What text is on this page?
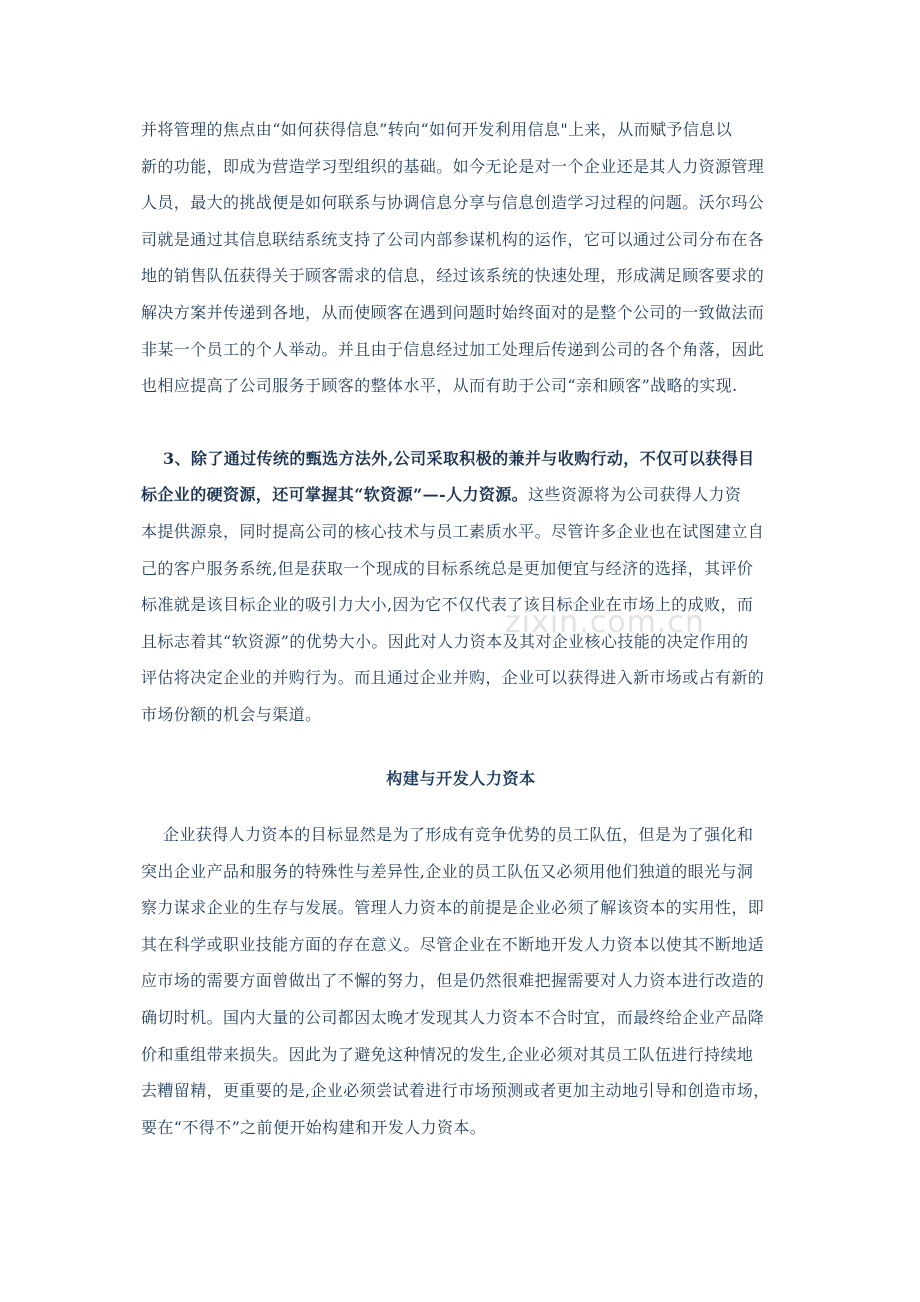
并将管理的焦点由“如何获得信息”转向“如何开发利用信息"上来，从而赋予信息以
新的功能，即成为营造学习型组织的基础。如今无论是对一个企业还是其人力资源管理
人员，最大的挑战便是如何联系与协调信息分享与信息创造学习过程的问题。沃尔玛公
司就是通过其信息联结系统支持了公司内部参谋机构的运作，它可以通过公司分布在各
地的销售队伍获得关于顾客需求的信息，经过该系统的快速处理，形成满足顾客要求的
解决方案并传递到各地，从而使顾客在遇到问题时始终面对的是整个公司的一致做法而
非某一个员工的个人举动。并且由于信息经过加工处理后传递到公司的各个角落，因此
也相应提高了公司服务于顾客的整体水平，从而有助于公司“亲和顾客”战略的实现.
3、除了通过传统的甄选方法外,公司采取积极的兼并与收购行动，不仅可以获得目
标企业的硬资源，还可掌握其“软资源”—-人力资源。这些资源将为公司获得人力资
本提供源泉，同时提高公司的核心技术与员工素质水平。尽管许多企业也在试图建立自
己的客户服务系统,但是获取一个现成的目标系统总是更加便宜与经济的选择，其评价
标准就是该目标企业的吸引力大小,因为它不仅代表了该目标企业在市场上的成败，而
且标志着其“软资源”的优势大小。因此对人力资本及其对企业核心技能的决定作用的
评估将决定企业的并购行为。而且通过企业并购，企业可以获得进入新市场或占有新的
市场份额的机会与渠道。
构建与开发人力资本
企业获得人力资本的目标显然是为了形成有竞争优势的员工队伍，但是为了强化和
突出企业产品和服务的特殊性与差异性,企业的员工队伍又必须用他们独道的眼光与洞
察力谋求企业的生存与发展。管理人力资本的前提是企业必须了解该资本的实用性，即
其在科学或职业技能方面的存在意义。尽管企业在不断地开发人力资本以使其不断地适
应市场的需要方面曾做出了不懈的努力，但是仍然很难把握需要对人力资本进行改造的
确切时机。国内大量的公司都因太晚才发现其人力资本不合时宜，而最终给企业产品降
价和重组带来损失。因此为了避免这种情况的发生,企业必须对其员工队伍进行持续地
去糟留精，更重要的是,企业必须尝试着进行市场预测或者更加主动地引导和创造市场，
要在“不得不”之前便开始构建和开发人力资本。
zixin.com.cn
